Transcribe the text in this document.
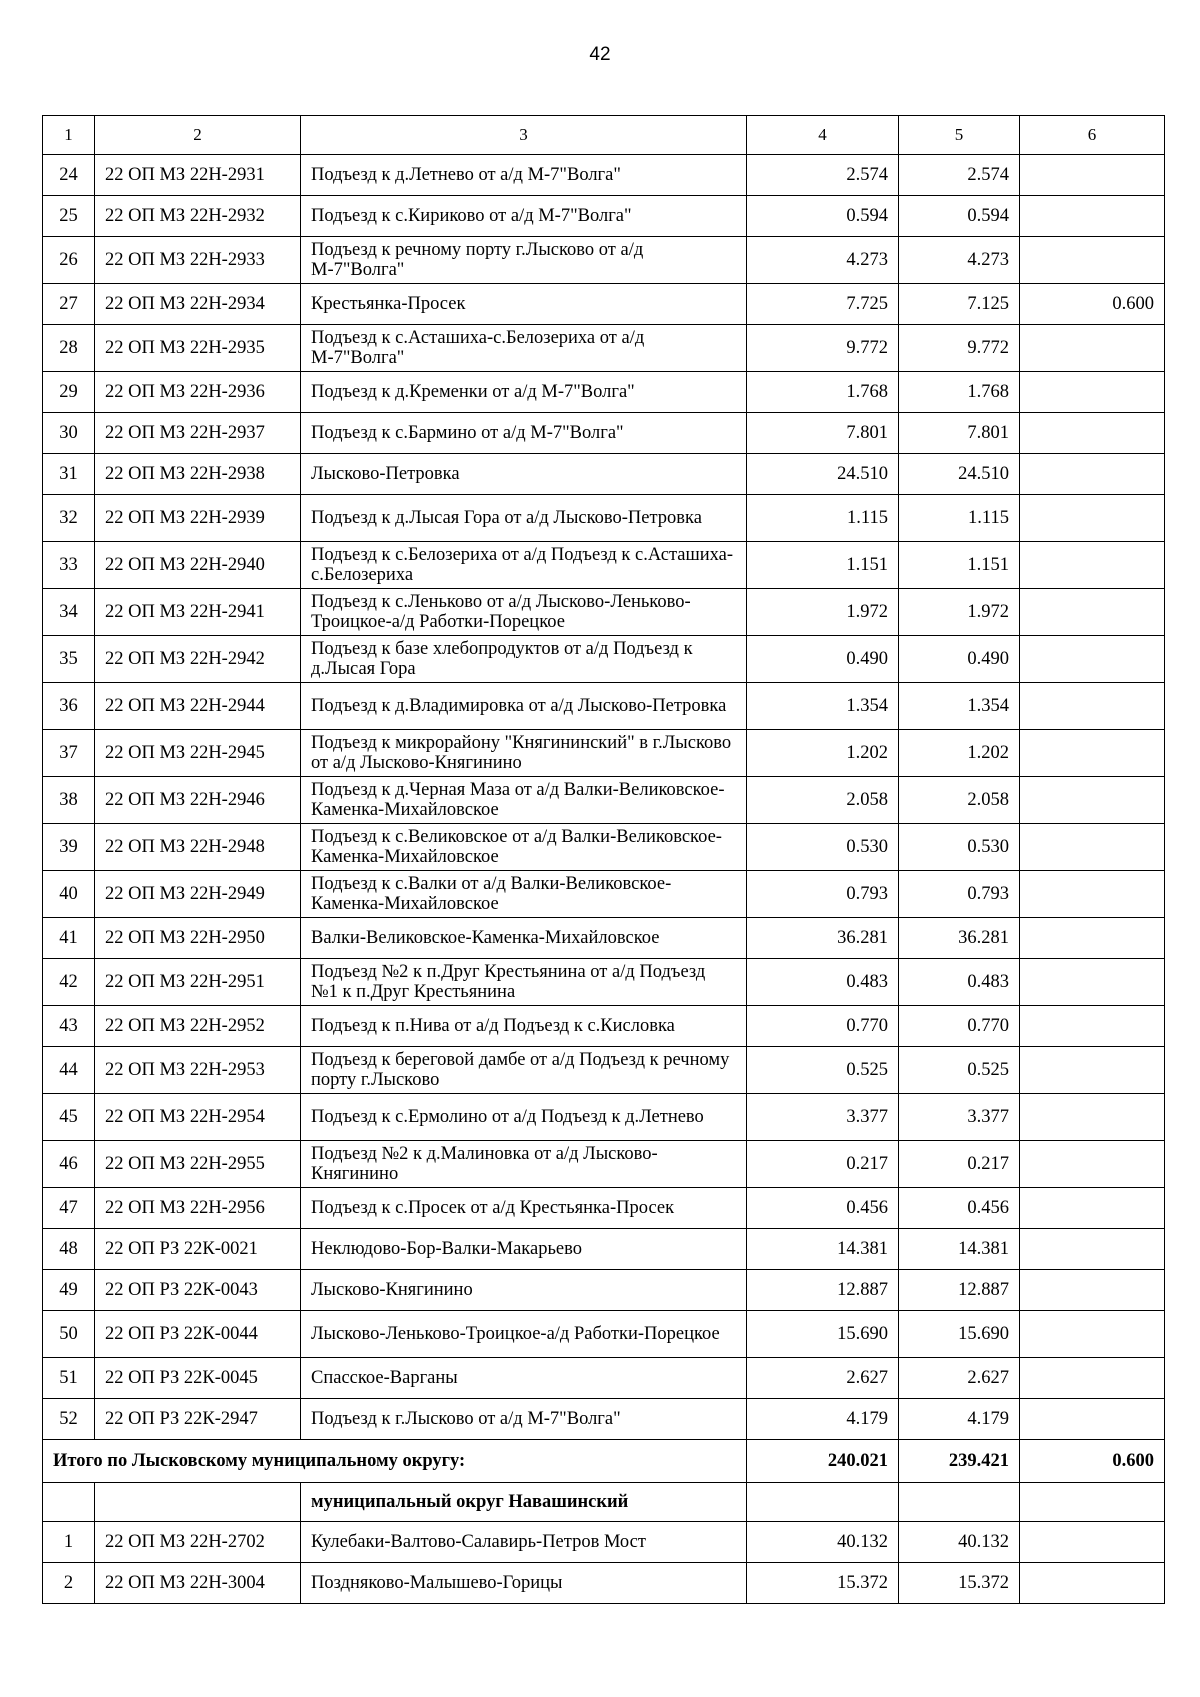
42
1	2	3	4	5	6
24	22 ОП МЗ 22Н-2931	Подъезд к д.Летнево от а/д М-7"Волга"	2.574	2.574	
25	22 ОП МЗ 22Н-2932	Подъезд к с.Кириково от а/д М-7"Волга"	0.594	0.594	
26	22 ОП МЗ 22Н-2933	Подъезд к речному порту г.Лысково от а/д М-7"Волга"	4.273	4.273	
27	22 ОП МЗ 22Н-2934	Крестьянка-Просек	7.725	7.125	0.600
28	22 ОП МЗ 22Н-2935	Подъезд к с.Асташиха-с.Белозериха от а/д М-7"Волга"	9.772	9.772	
29	22 ОП МЗ 22Н-2936	Подъезд к д.Кременки от а/д М-7"Волга"	1.768	1.768	
30	22 ОП МЗ 22Н-2937	Подъезд к с.Бармино от а/д М-7"Волга"	7.801	7.801	
31	22 ОП МЗ 22Н-2938	Лысково-Петровка	24.510	24.510	
32	22 ОП МЗ 22Н-2939	Подъезд к д.Лысая Гора от а/д Лысково-Петровка	1.115	1.115	
33	22 ОП МЗ 22Н-2940	Подъезд к с.Белозериха от а/д Подъезд к с.Асташиха-с.Белозериха	1.151	1.151	
34	22 ОП МЗ 22Н-2941	Подъезд к с.Леньково от а/д Лысково-Леньково-Троицкое-а/д Работки-Порецкое	1.972	1.972	
35	22 ОП МЗ 22Н-2942	Подъезд к базе хлебопродуктов от а/д Подъезд к д.Лысая Гора	0.490	0.490	
36	22 ОП МЗ 22Н-2944	Подъезд к д.Владимировка от а/д Лысково-Петровка	1.354	1.354	
37	22 ОП МЗ 22Н-2945	Подъезд к микрорайону "Княгининский" в г.Лысково от а/д Лысково-Княгинино	1.202	1.202	
38	22 ОП МЗ 22Н-2946	Подъезд к д.Черная Маза от а/д Валки-Великовское-Каменка-Михайловское	2.058	2.058	
39	22 ОП МЗ 22Н-2948	Подъезд к с.Великовское от а/д Валки-Великовское-Каменка-Михайловское	0.530	0.530	
40	22 ОП МЗ 22Н-2949	Подъезд к с.Валки от а/д Валки-Великовское-Каменка-Михайловское	0.793	0.793	
41	22 ОП МЗ 22Н-2950	Валки-Великовское-Каменка-Михайловское	36.281	36.281	
42	22 ОП МЗ 22Н-2951	Подъезд №2 к п.Друг Крестьянина от а/д Подъезд №1 к п.Друг Крестьянина	0.483	0.483	
43	22 ОП МЗ 22Н-2952	Подъезд к п.Нива от а/д Подъезд к с.Кисловка	0.770	0.770	
44	22 ОП МЗ 22Н-2953	Подъезд к береговой дамбе от а/д Подъезд к речному порту г.Лысково	0.525	0.525	
45	22 ОП МЗ 22Н-2954	Подъезд к с.Ермолино от а/д Подъезд к д.Летнево	3.377	3.377	
46	22 ОП МЗ 22Н-2955	Подъезд №2 к д.Малиновка от а/д Лысково-Княгинино	0.217	0.217	
47	22 ОП МЗ 22Н-2956	Подъезд к с.Просек от а/д Крестьянка-Просек	0.456	0.456	
48	22 ОП РЗ 22К-0021	Неклюдово-Бор-Валки-Макарьево	14.381	14.381	
49	22 ОП РЗ 22К-0043	Лысково-Княгинино	12.887	12.887	
50	22 ОП РЗ 22К-0044	Лысково-Леньково-Троицкое-а/д Работки-Порецкое	15.690	15.690	
51	22 ОП РЗ 22К-0045	Спасское-Варганы	2.627	2.627	
52	22 ОП РЗ 22К-2947	Подъезд к г.Лысково от а/д М-7"Волга"	4.179	4.179	
Итого по Лысковскому муниципальному округу:			240.021	239.421	0.600
		муниципальный округ Навашинский			
1	22 ОП МЗ 22Н-2702	Кулебаки-Валтово-Салавирь-Петров Мост	40.132	40.132	
2	22 ОП МЗ 22Н-3004	Поздняково-Малышево-Горицы	15.372	15.372	
